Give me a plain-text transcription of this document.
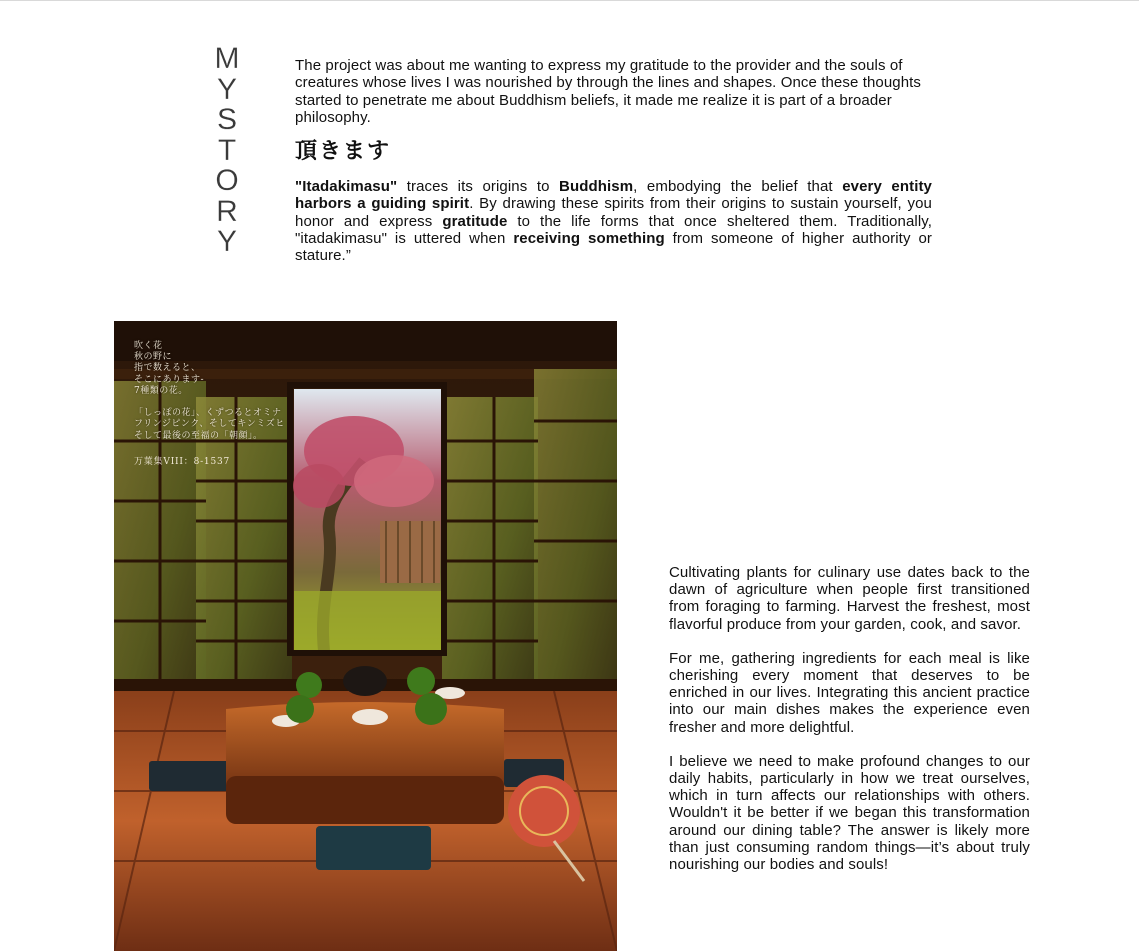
M
Y
S
T
O
R
Y

The project was about me wanting to express my gratitude to the provider and the souls of creatures whose lives I was nourished by through the lines and shapes. Once these thoughts started to penetrate me about Buddhism beliefs, it made me realize it is part of a broader philosophy.

頂きます

"Itadakimasu" traces its origins to Buddhism, embodying the belief that every entity harbors a guiding spirit. By drawing these spirits from their origins to sustain yourself, you honor and express gratitude to the life forms that once sheltered them. Traditionally, "itadakimasu" is uttered when receiving something from someone of higher authority or stature.”

吹く花
秋の野に
指で数えると、
そこにあります-
7種類の花。

「しっぽの花」、くずつるとオミナ
フリンジピンク、そしてキンミズヒ
そして最後の至福の「朝顔」。
万葉集VIII：8-1537

Cultivating plants for culinary use dates back to the dawn of agriculture when people first transitioned from foraging to farming. Harvest the freshest, most flavorful produce from your garden, cook, and savor.

For me, gathering ingredients for each meal is like cherishing every moment that deserves to be enriched in our lives. Integrating this ancient practice into our main dishes makes the experience even fresher and more delightful.

I believe we need to make profound changes to our daily habits, particularly in how we treat ourselves, which in turn affects our relationships with others. Wouldn't it be better if we began this transformation around our dining table? The answer is likely more than just consuming random things—it’s about truly nourishing our bodies and souls!
